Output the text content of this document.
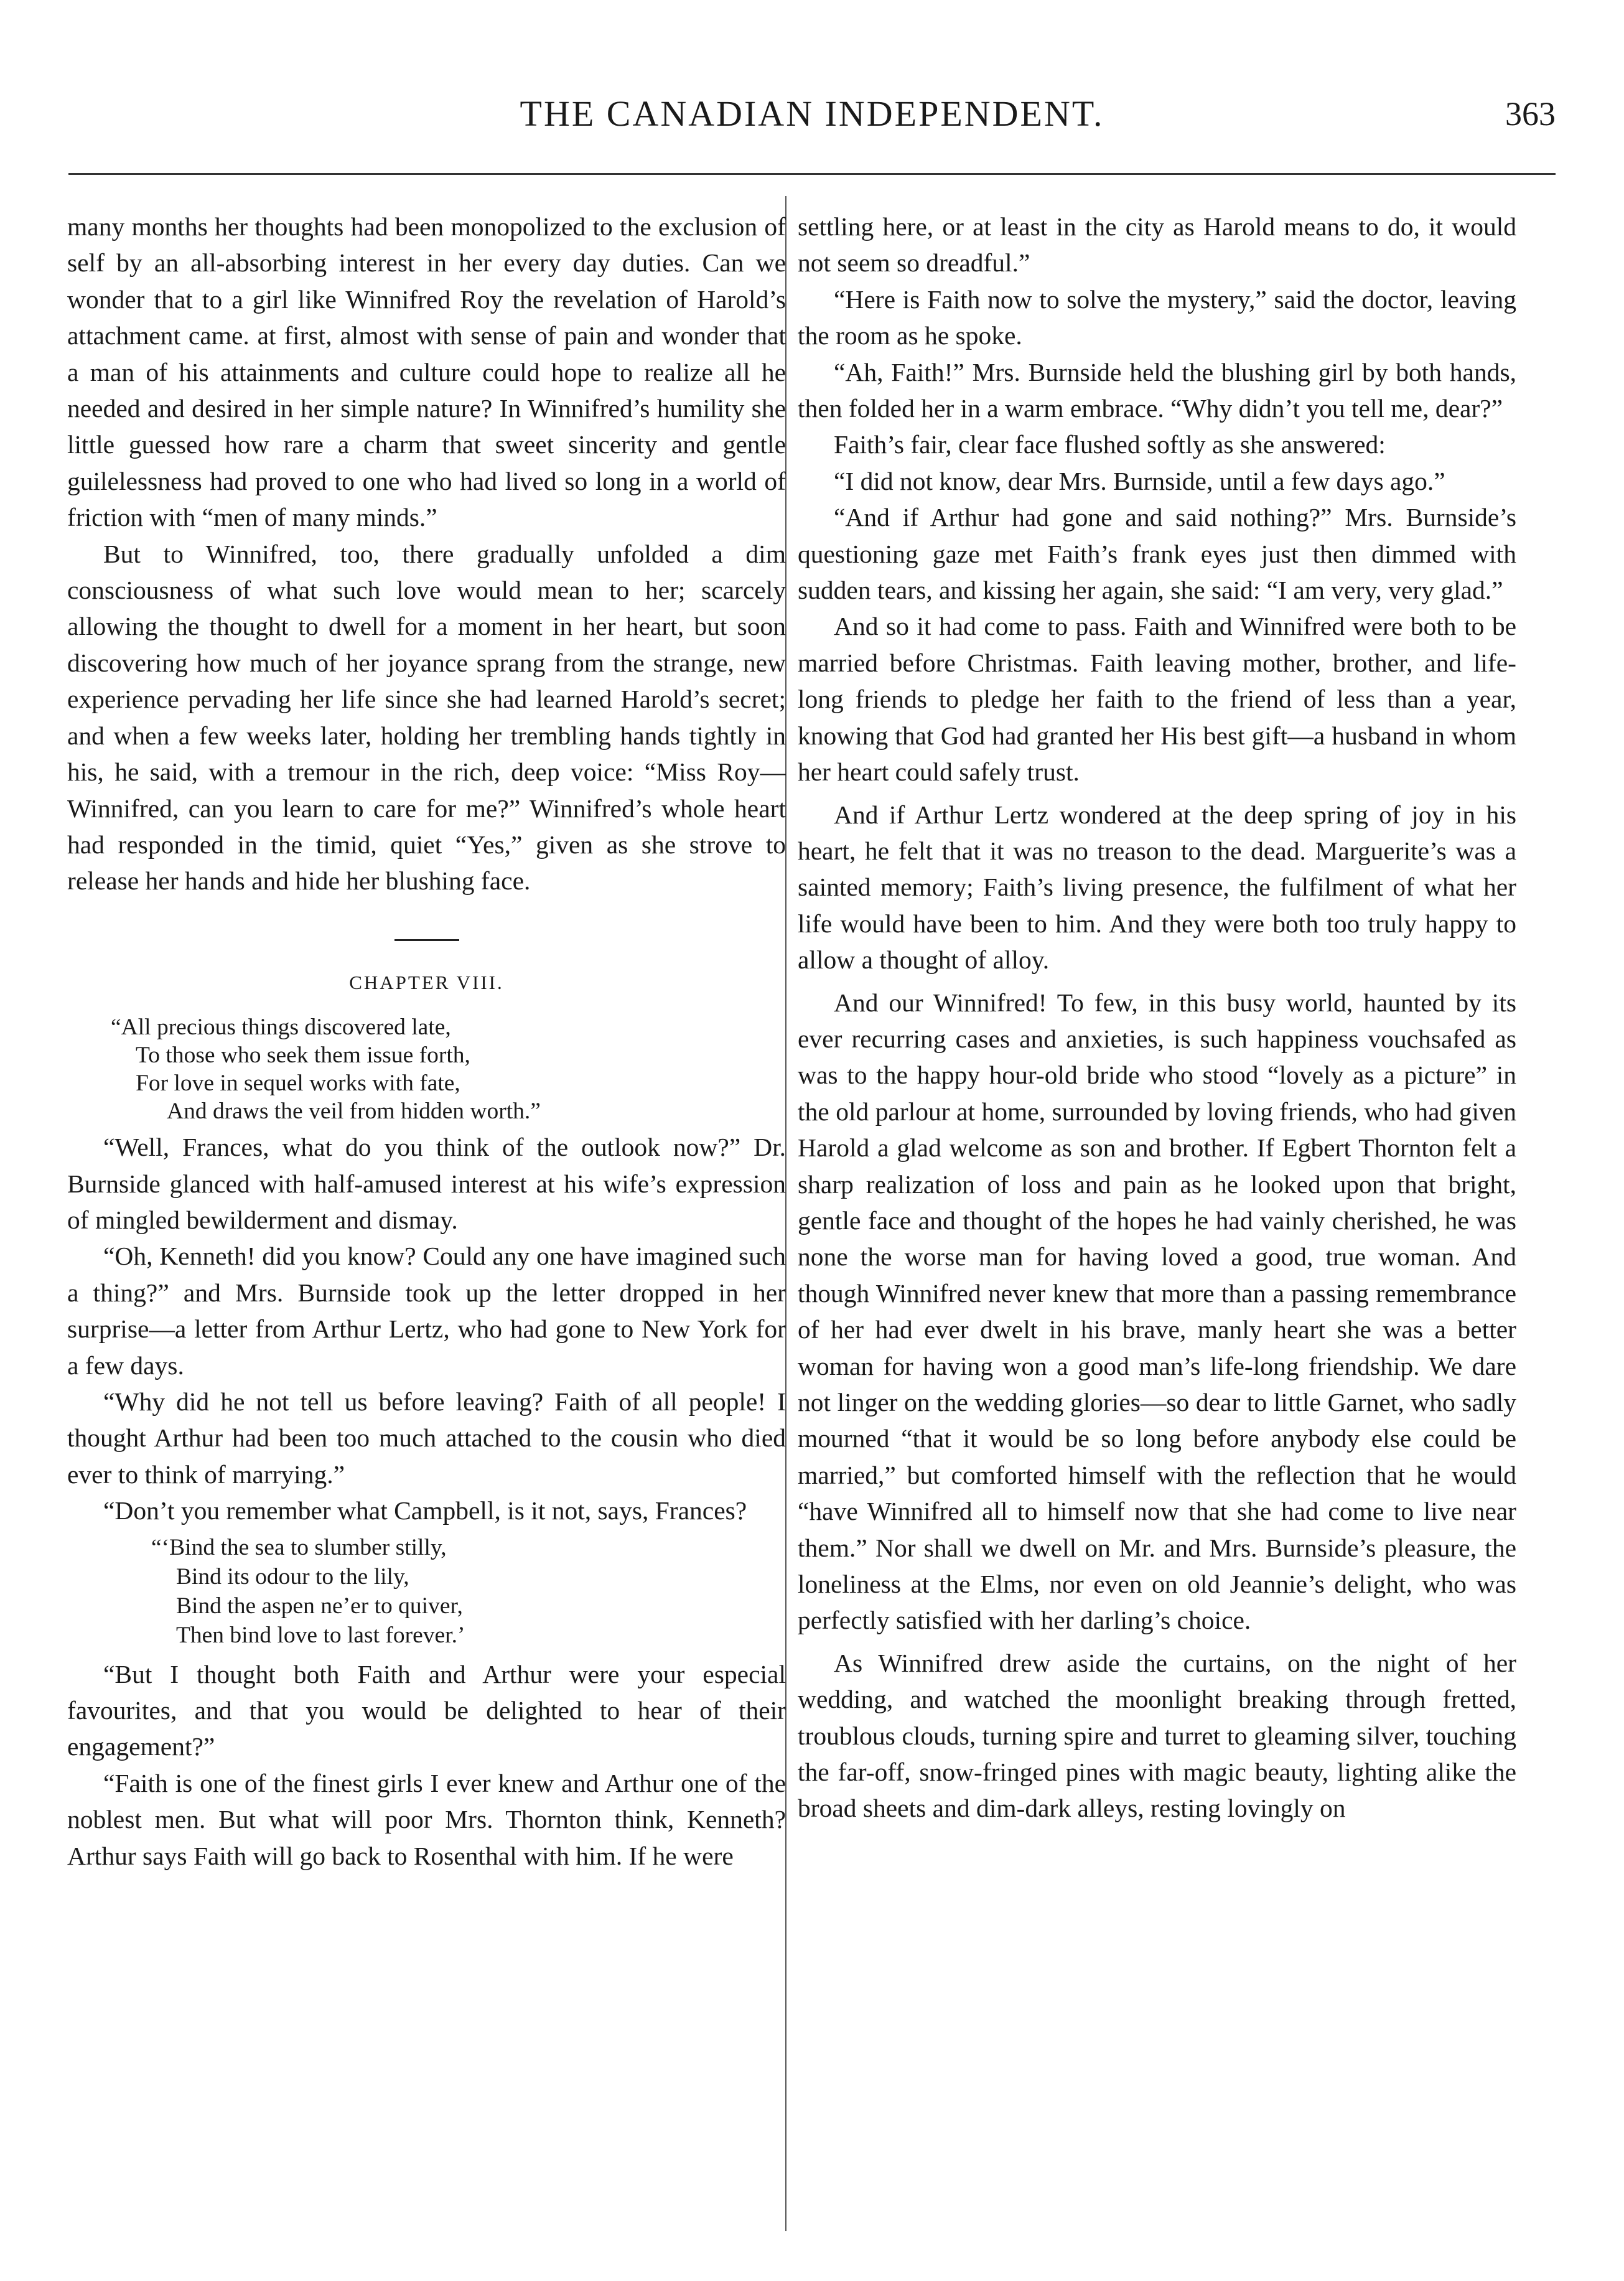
THE CANADIAN INDEPENDENT.	363

many months her thoughts had been monopolized to the exclusion of self by an all-absorbing interest in her every day duties. Can we wonder that to a girl like Winnifred Roy the revelation of Harold’s attachment came. at first, almost with sense of pain and wonder that a man of his attainments and culture could hope to realize all he needed and desired in her simple nature? In Winnifred’s humility she little guessed how rare a charm that sweet sincerity and gentle guilelessness had proved to one who had lived so long in a world of friction with “men of many minds.”

But to Winnifred, too, there gradually unfolded a dim consciousness of what such love would mean to her; scarcely allowing the thought to dwell for a moment in her heart, but soon discovering how much of her joyance sprang from the strange, new experience pervading her life since she had learned Harold’s secret; and when a few weeks later, holding her trembling hands tightly in his, he said, with a tremour in the rich, deep voice: “Miss Roy—Winnifred, can you learn to care for me?” Winnifred’s whole heart had responded in the timid, quiet “Yes,” given as she strove to release her hands and hide her blushing face.

CHAPTER VIII.

“All precious things discovered late,
To those who seek them issue forth,
For love in sequel works with fate,
And draws the veil from hidden worth.”

“Well, Frances, what do you think of the outlook now?” Dr. Burnside glanced with half-amused interest at his wife’s expression of mingled bewilderment and dismay.

“Oh, Kenneth! did you know? Could any one have imagined such a thing?” and Mrs. Burnside took up the letter dropped in her surprise—a letter from Arthur Lertz, who had gone to New York for a few days.

“Why did he not tell us before leaving? Faith of all people! I thought Arthur had been too much attached to the cousin who died ever to think of marrying.”

“Don’t you remember what Campbell, is it not, says, Frances?

“‘Bind the sea to slumber stilly,
Bind its odour to the lily,
Bind the aspen ne’er to quiver,
Then bind love to last forever.’

“But I thought both Faith and Arthur were your especial favourites, and that you would be delighted to hear of their engagement?”

“Faith is one of the finest girls I ever knew and Arthur one of the noblest men. But what will poor Mrs. Thornton think, Kenneth? Arthur says Faith will go back to Rosenthal with him. If he were

settling here, or at least in the city as Harold means to do, it would not seem so dreadful.”

“Here is Faith now to solve the mystery,” said the doctor, leaving the room as he spoke.

“Ah, Faith!” Mrs. Burnside held the blushing girl by both hands, then folded her in a warm embrace. “Why didn’t you tell me, dear?”

Faith’s fair, clear face flushed softly as she answered:

“I did not know, dear Mrs. Burnside, until a few days ago.”

“And if Arthur had gone and said nothing?” Mrs. Burnside’s questioning gaze met Faith’s frank eyes just then dimmed with sudden tears, and kissing her again, she said: “I am very, very glad.”

And so it had come to pass. Faith and Winnifred were both to be married before Christmas. Faith leaving mother, brother, and life-long friends to pledge her faith to the friend of less than a year, knowing that God had granted her His best gift—a husband in whom her heart could safely trust.

And if Arthur Lertz wondered at the deep spring of joy in his heart, he felt that it was no treason to the dead. Marguerite’s was a sainted memory; Faith’s living presence, the fulfilment of what her life would have been to him. And they were both too truly happy to allow a thought of alloy.

And our Winnifred! To few, in this busy world, haunted by its ever recurring cases and anxieties, is such happiness vouchsafed as was to the happy hour-old bride who stood “lovely as a picture” in the old parlour at home, surrounded by loving friends, who had given Harold a glad welcome as son and brother. If Egbert Thornton felt a sharp realization of loss and pain as he looked upon that bright, gentle face and thought of the hopes he had vainly cherished, he was none the worse man for having loved a good, true woman. And though Winnifred never knew that more than a passing remembrance of her had ever dwelt in his brave, manly heart she was a better woman for having won a good man’s life-long friendship. We dare not linger on the wedding glories—so dear to little Garnet, who sadly mourned “that it would be so long before anybody else could be married,” but comforted himself with the reflection that he would “have Winnifred all to himself now that she had come to live near them.” Nor shall we dwell on Mr. and Mrs. Burnside’s pleasure, the loneliness at the Elms, nor even on old Jeannie’s delight, who was perfectly satisfied with her darling’s choice.

As Winnifred drew aside the curtains, on the night of her wedding, and watched the moonlight breaking through fretted, troublous clouds, turning spire and turret to gleaming silver, touching the far-off, snow-fringed pines with magic beauty, lighting alike the broad sheets and dim-dark alleys, resting lovingly on
